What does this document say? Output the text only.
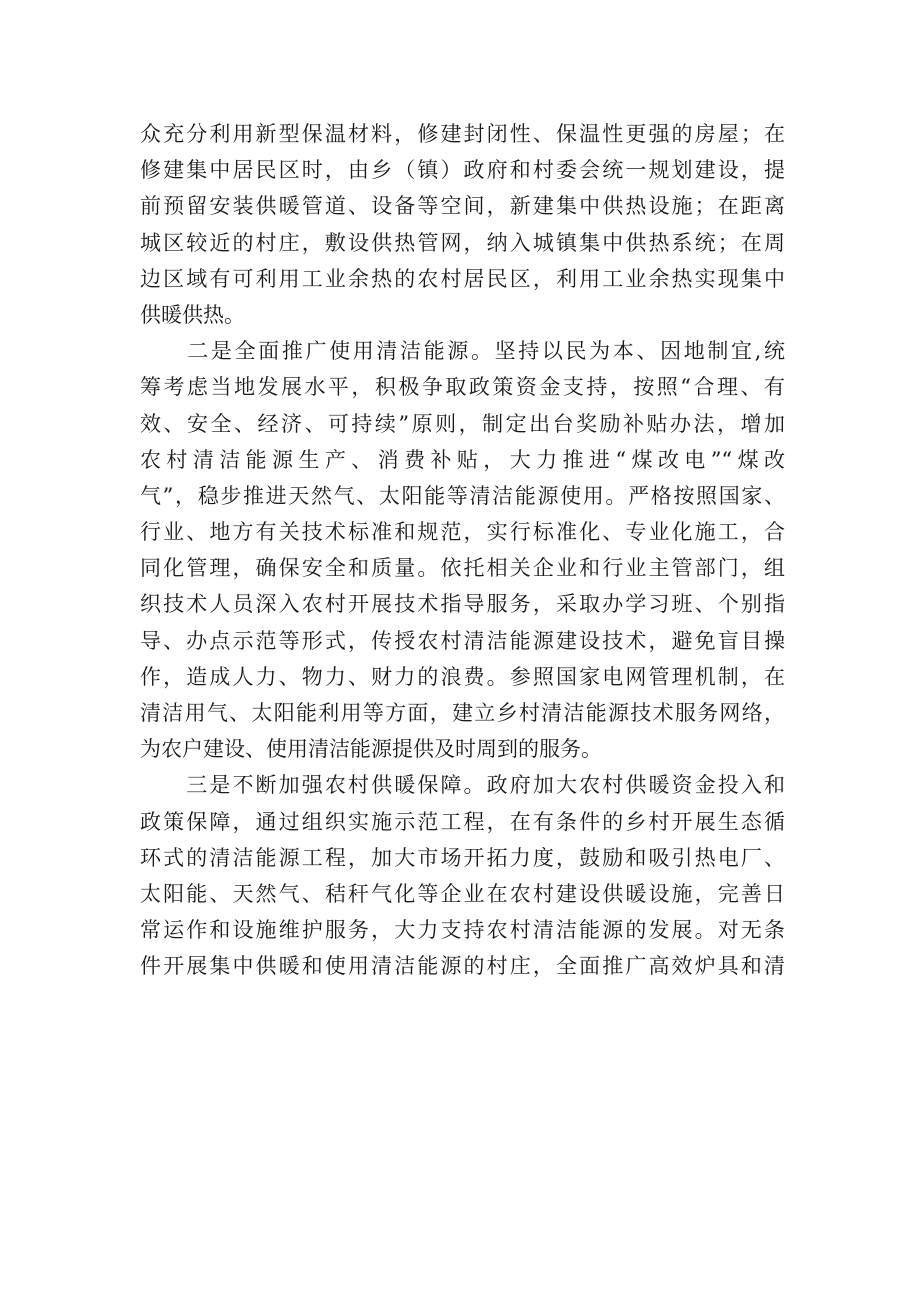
众充分利用新型保温材料，修建封闭性、保温性更强的房屋；在
修建集中居民区时，由乡（镇）政府和村委会统一规划建设，提
前预留安装供暖管道、设备等空间，新建集中供热设施；在距离
城区较近的村庄，敷设供热管网，纳入城镇集中供热系统；在周
边区域有可利用工业余热的农村居民区，利用工业余热实现集中
供暖供热。
　　二是全面推广使用清洁能源。坚持以民为本、因地制宜,统
筹考虑当地发展水平，积极争取政策资金支持，按照“合理、有
效、安全、经济、可持续”原则，制定出台奖励补贴办法，增加
农村清洁能源生产、消费补贴，大力推进“煤改电”“煤改
气”，稳步推进天然气、太阳能等清洁能源使用。严格按照国家、
行业、地方有关技术标准和规范，实行标准化、专业化施工，合
同化管理，确保安全和质量。依托相关企业和行业主管部门，组
织技术人员深入农村开展技术指导服务，采取办学习班、个别指
导、办点示范等形式，传授农村清洁能源建设技术，避免盲目操
作，造成人力、物力、财力的浪费。参照国家电网管理机制，在
清洁用气、太阳能利用等方面，建立乡村清洁能源技术服务网络，
为农户建设、使用清洁能源提供及时周到的服务。
　　三是不断加强农村供暖保障。政府加大农村供暖资金投入和
政策保障，通过组织实施示范工程，在有条件的乡村开展生态循
环式的清洁能源工程，加大市场开拓力度，鼓励和吸引热电厂、
太阳能、天然气、秸秆气化等企业在农村建设供暖设施，完善日
常运作和设施维护服务，大力支持农村清洁能源的发展。对无条
件开展集中供暖和使用清洁能源的村庄，全面推广高效炉具和清
